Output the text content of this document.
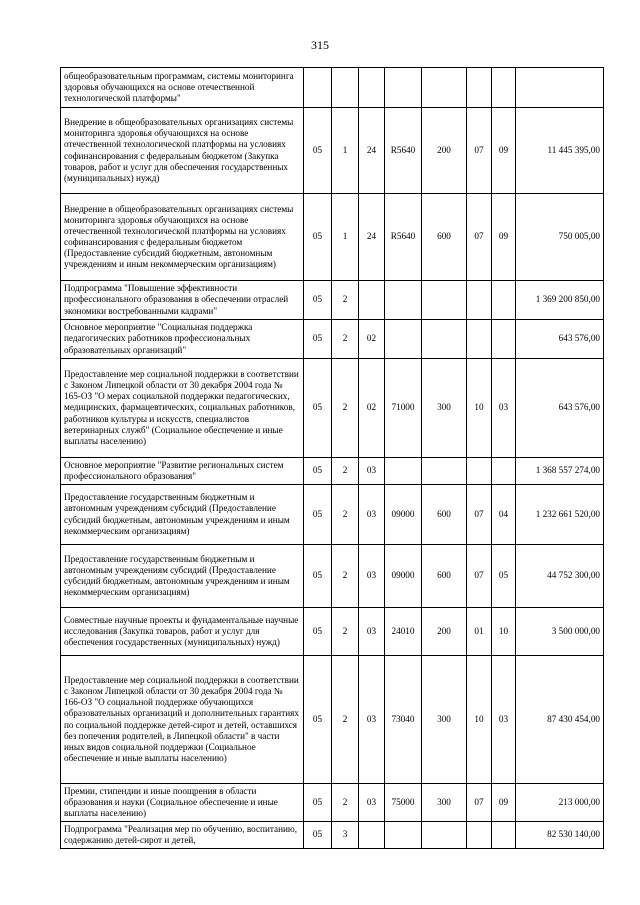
315
общеобразовательным программам, системы мониторинга здоровья обучающихся на основе отечественной технологической платформы"								
Внедрение в общеобразовательных организациях системы мониторинга здоровья обучающихся на основе отечественной технологической платформы на условиях софинансирования с федеральным бюджетом (Закупка товаров, работ и услуг для обеспечения государственных (муниципальных) нужд)	05	1	24	R5640	200	07	09	11 445 395,00
Внедрение в общеобразовательных организациях системы мониторинга здоровья обучающихся на основе отечественной технологической платформы на условиях софинансирования с федеральным бюджетом (Предоставление субсидий бюджетным, автономным учреждениям и иным некоммерческим организациям)	05	1	24	R5640	600	07	09	750 005,00
Подпрограмма "Повышение эффективности профессионального образования в обеспечении отраслей экономики востребованными кадрами"	05	2						1 369 200 850,00
Основное мероприятие "Социальная поддержка педагогических работников профессиональных образовательных организаций"	05	2	02					643 576,00
Предоставление мер социальной поддержки в соответствии с Законом Липецкой области от 30 декабря 2004 года № 165-ОЗ "О мерах социальной поддержки педагогических, медицинских, фармацевтических, социальных работников, работников культуры и искусств, специалистов ветеринарных служб" (Социальное обеспечение и иные выплаты населению)	05	2	02	71000	300	10	03	643 576,00
Основное мероприятие "Развитие региональных систем профессионального образования"	05	2	03					1 368 557 274,00
Предоставление государственным бюджетным и автономным учреждениям субсидий (Предоставление субсидий бюджетным, автономным учреждениям и иным некоммерческим организациям)	05	2	03	09000	600	07	04	1 232 661 520,00
Предоставление государственным бюджетным и автономным учреждениям субсидий (Предоставление субсидий бюджетным, автономным учреждениям и иным некоммерческим организациям)	05	2	03	09000	600	07	05	44 752 300,00
Совместные научные проекты и фундаментальные научные исследования (Закупка товаров, работ и услуг для обеспечения государственных (муниципальных) нужд)	05	2	03	24010	200	01	10	3 500 000,00
Предоставление мер социальной поддержки в соответствии с Законом Липецкой области от 30 декабря 2004 года № 166-ОЗ "О социальной поддержке обучающихся образовательных организаций и дополнительных гарантиях по социальной поддержке детей-сирот и детей, оставшихся без попечения родителей, в Липецкой области" в части иных видов социальной поддержки (Социальное обеспечение и иные выплаты населению)	05	2	03	73040	300	10	03	87 430 454,00
Премии, стипендии и иные поощрения в области образования и науки (Социальное обеспечение и иные выплаты населению)	05	2	03	75000	300	07	09	213 000,00
Подпрограмма "Реализация мер по обучению, воспитанию, содержанию детей-сирот и детей,	05	3						82 530 140,00
